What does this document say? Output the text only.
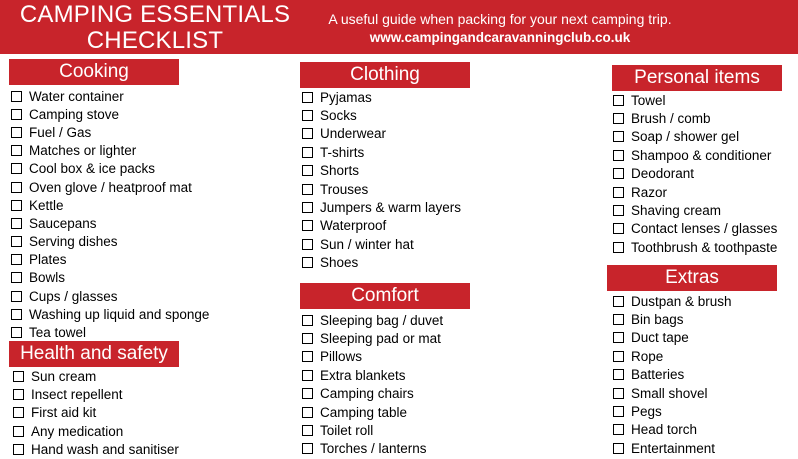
CAMPING ESSENTIALS
CHECKLIST
A useful guide when packing for your next camping trip.
www.campingandcaravanningclub.co.uk
Cooking
Water container
Camping stove
Fuel / Gas
Matches or lighter
Cool box & ice packs
Oven glove / heatproof mat
Kettle
Saucepans
Serving dishes
Plates
Bowls
Cups / glasses
Washing up liquid and sponge
Tea towel
Health and safety
Sun cream
Insect repellent
First aid kit
Any medication
Hand wash and sanitiser
Clothing
Pyjamas
Socks
Underwear
T-shirts
Shorts
Trouses
Jumpers & warm layers
Waterproof
Sun / winter hat
Shoes
Comfort
Sleeping bag / duvet
Sleeping pad or mat
Pillows
Extra blankets
Camping chairs
Camping table
Toilet roll
Torches / lanterns
Personal items
Towel
Brush / comb
Soap / shower gel
Shampoo & conditioner
Deodorant
Razor
Shaving cream
Contact lenses / glasses
Toothbrush & toothpaste
Extras
Dustpan & brush
Bin bags
Duct tape
Rope
Batteries
Small shovel
Pegs
Head torch
Entertainment
